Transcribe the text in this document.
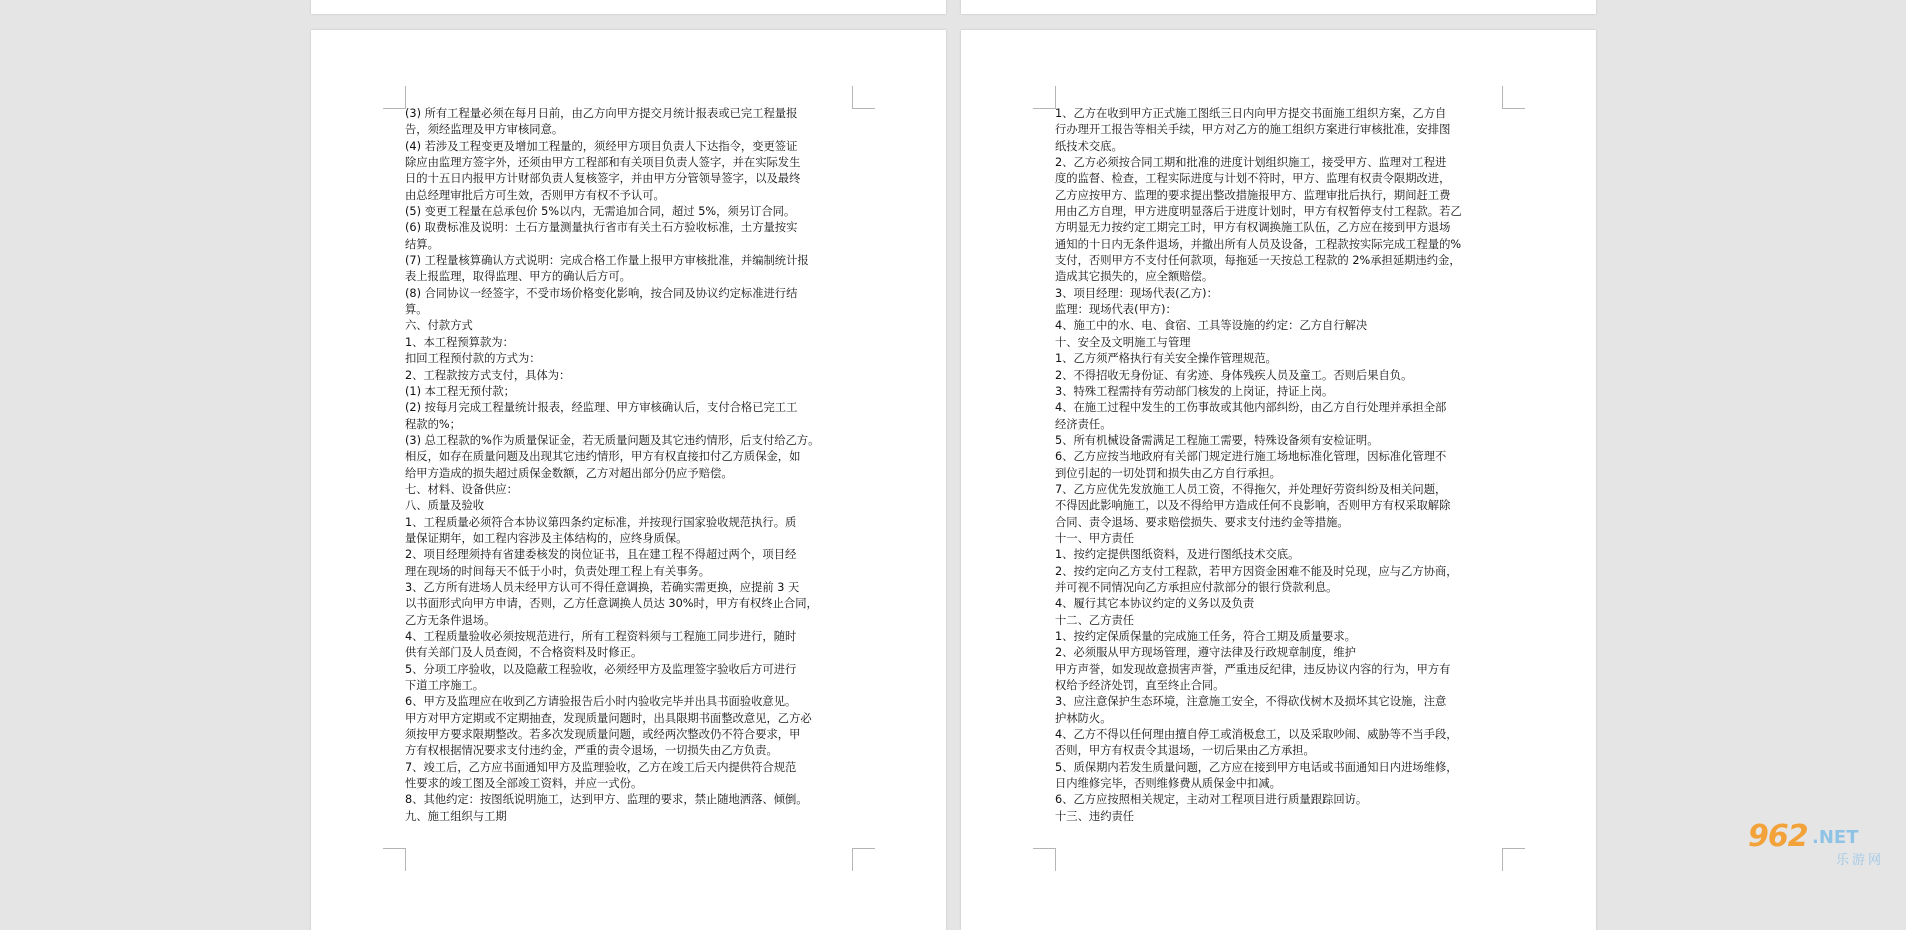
(3) 所有工程量必须在每月日前，由乙方向甲方提交月统计报表或已完工程量报
告，须经监理及甲方审核同意。
(4) 若涉及工程变更及增加工程量的，须经甲方项目负责人下达指令，变更签证
除应由监理方签字外，还须由甲方工程部和有关项目负责人签字，并在实际发生
日的十五日内报甲方计财部负责人复核签字，并由甲方分管领导签字，以及最终
由总经理审批后方可生效，否则甲方有权不予认可。
(5) 变更工程量在总承包价 5%以内，无需追加合同，超过 5%，须另订合同。
(6) 取费标准及说明：土石方量测量执行省市有关土石方验收标准，土方量按实
结算。
(7) 工程量核算确认方式说明：完成合格工作量上报甲方审核批准，并编制统计报
表上报监理，取得监理、甲方的确认后方可。
(8) 合同协议一经签字，不受市场价格变化影响，按合同及协议约定标准进行结
算。
六、付款方式
1、本工程预算款为：
扣回工程预付款的方式为：
2、工程款按方式支付，具体为：
(1) 本工程无预付款；
(2) 按每月完成工程量统计报表，经监理、甲方审核确认后，支付合格已完工工
程款的%；
(3) 总工程款的%作为质量保证金，若无质量问题及其它违约情形，后支付给乙方。
相反，如存在质量问题及出现其它违约情形，甲方有权直接扣付乙方质保金，如
给甲方造成的损失超过质保金数额，乙方对超出部分仍应予赔偿。
七、材料、设备供应：
八、质量及验收
1、工程质量必须符合本协议第四条约定标准，并按现行国家验收规范执行。质
量保证期年，如工程内容涉及主体结构的，应终身质保。
2、项目经理须持有省建委核发的岗位证书，且在建工程不得超过两个，项目经
理在现场的时间每天不低于小时，负责处理工程上有关事务。
3、乙方所有进场人员未经甲方认可不得任意调换，若确实需更换，应提前 3 天
以书面形式向甲方申请，否则，乙方任意调换人员达 30%时，甲方有权终止合同，
乙方无条件退场。
4、工程质量验收必须按规范进行，所有工程资料须与工程施工同步进行，随时
供有关部门及人员查阅，不合格资料及时修正。
5、分项工序验收，以及隐蔽工程验收，必须经甲方及监理签字验收后方可进行
下道工序施工。
6、甲方及监理应在收到乙方请验报告后小时内验收完毕并出具书面验收意见。
甲方对甲方定期或不定期抽查，发现质量问题时，出具限期书面整改意见，乙方必
须按甲方要求限期整改。若多次发现质量问题，或经两次整改仍不符合要求，甲
方有权根据情况要求支付违约金，严重的责令退场，一切损失由乙方负责。
7、竣工后，乙方应书面通知甲方及监理验收，乙方在竣工后天内提供符合规范
性要求的竣工图及全部竣工资料，并应一式份。
8、其他约定：按图纸说明施工，达到甲方、监理的要求，禁止随地洒落、倾倒。
九、施工组织与工期
1、乙方在收到甲方正式施工图纸三日内向甲方提交书面施工组织方案，乙方自
行办理开工报告等相关手续，甲方对乙方的施工组织方案进行审核批准，安排图
纸技术交底。
2、乙方必须按合同工期和批准的进度计划组织施工，接受甲方、监理对工程进
度的监督、检查，工程实际进度与计划不符时，甲方、监理有权责令限期改进，
乙方应按甲方、监理的要求提出整改措施报甲方、监理审批后执行，期间赶工费
用由乙方自理，甲方进度明显落后于进度计划时，甲方有权暂停支付工程款。若乙
方明显无力按约定工期完工时，甲方有权调换施工队伍，乙方应在接到甲方退场
通知的十日内无条件退场，并撤出所有人员及设备，工程款按实际完成工程量的%
支付，否则甲方不支付任何款项，每拖延一天按总工程款的 2%承担延期违约金，
造成其它损失的，应全额赔偿。
3、项目经理：现场代表(乙方)：
监理：现场代表(甲方)：
4、施工中的水、电、食宿、工具等设施的约定：乙方自行解决
十、安全及文明施工与管理
1、乙方须严格执行有关安全操作管理规范。
2、不得招收无身份证、有劣迹、身体残疾人员及童工。否则后果自负。
3、特殊工程需持有劳动部门核发的上岗证，持证上岗。
4、在施工过程中发生的工伤事故或其他内部纠纷，由乙方自行处理并承担全部
经济责任。
5、所有机械设备需满足工程施工需要，特殊设备须有安检证明。
6、乙方应按当地政府有关部门规定进行施工场地标准化管理，因标准化管理不
到位引起的一切处罚和损失由乙方自行承担。
7、乙方应优先发放施工人员工资，不得拖欠，并处理好劳资纠纷及相关问题，
不得因此影响施工，以及不得给甲方造成任何不良影响，否则甲方有权采取解除
合同、责令退场、要求赔偿损失、要求支付违约金等措施。
十一、甲方责任
1、按约定提供图纸资料，及进行图纸技术交底。
2、按约定向乙方支付工程款，若甲方因资金困难不能及时兑现，应与乙方协商，
并可视不同情况向乙方承担应付款部分的银行贷款利息。
4、履行其它本协议约定的义务以及负责
十二、乙方责任
1、按约定保质保量的完成施工任务，符合工期及质量要求。
2、必须服从甲方现场管理，遵守法律及行政规章制度，维护
甲方声誉，如发现故意损害声誉，严重违反纪律，违反协议内容的行为，甲方有
权给予经济处罚，直至终止合同。
3、应注意保护生态环境，注意施工安全，不得砍伐树木及损坏其它设施，注意
护林防火。
4、乙方不得以任何理由擅自停工或消极怠工，以及采取吵闹、威胁等不当手段，
否则，甲方有权责令其退场，一切后果由乙方承担。
5、质保期内若发生质量问题，乙方应在接到甲方电话或书面通知日内进场维修，
日内维修完毕，否则维修费从质保金中扣减。
6、乙方应按照相关规定，主动对工程项目进行质量跟踪回访。
十三、违约责任
962 .NET
乐游网
